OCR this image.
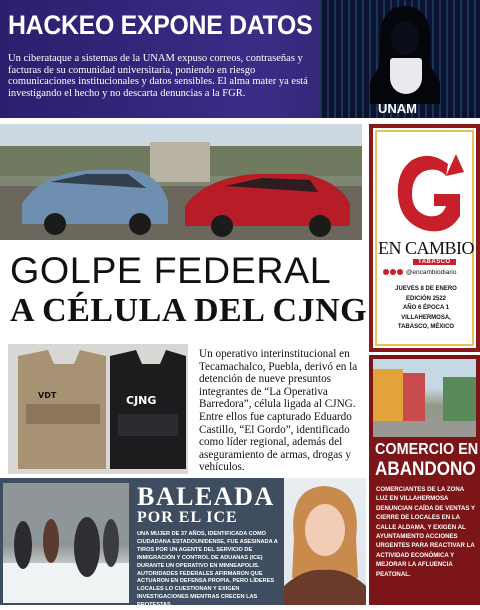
HACKEO EXPONE DATOS
Un ciberataque a sistemas de la UNAM expuso correos, contraseñas y facturas de su comunidad universitaria, poniendo en riesgo comunicaciones institucionales y datos sensibles. El alma mater ya está investigando el hecho y no descarta denuncias a la FGR.
UNAM
GOLPE FEDERAL
A CÉLULA DEL CJNG
VDT	CJNG
Un operativo interinstitucional en Tecamachalco, Puebla, derivó en la detención de nueve presuntos integrantes de “La Operativa Barredora”, célula ligada al CJNG. Entre ellos fue capturado Eduardo Castillo, “El Gordo”, identificado como líder regional, además del aseguramiento de armas, drogas y vehículos.
BALEADA
POR EL ICE
UNA MUJER DE 37 AÑOS, IDENTIFICADA COMO CIUDADANA ESTADOUNIDENSE, FUE ASESINADA A TIROS POR UN AGENTE DEL SERVICIO DE INMIGRACIÓN Y CONTROL DE ADUANAS (ICE) DURANTE UN OPERATIVO EN MINNEAPOLIS. AUTORIDADES FEDERALES AFIRMARON QUE ACTUARON EN DEFENSA PROPIA, PERO LÍDERES LOCALES LO CUESTIONAN Y EXIGEN INVESTIGACIONES MIENTRAS CRECEN LAS PROTESTAS.
EN CAMBIO
TABASCO
@encambiodiario
JUEVES 8 DE ENERO
EDICIÓN 2522
AÑO 6 ÉPOCA 1
VILLAHERMOSA,
TABASCO, MÉXICO
COMERCIO EN
ABANDONO
COMERCIANTES DE LA ZONA LUZ EN VILLAHERMOSA DENUNCIAN CAÍDA DE VENTAS Y CIERRE DE LOCALES EN LA CALLE ALDAMA, Y EXIGEN AL AYUNTAMIENTO ACCIONES URGENTES PARA REACTIVAR LA ACTIVIDAD ECONÓMICA Y MEJORAR LA AFLUENCIA PEATONAL.
